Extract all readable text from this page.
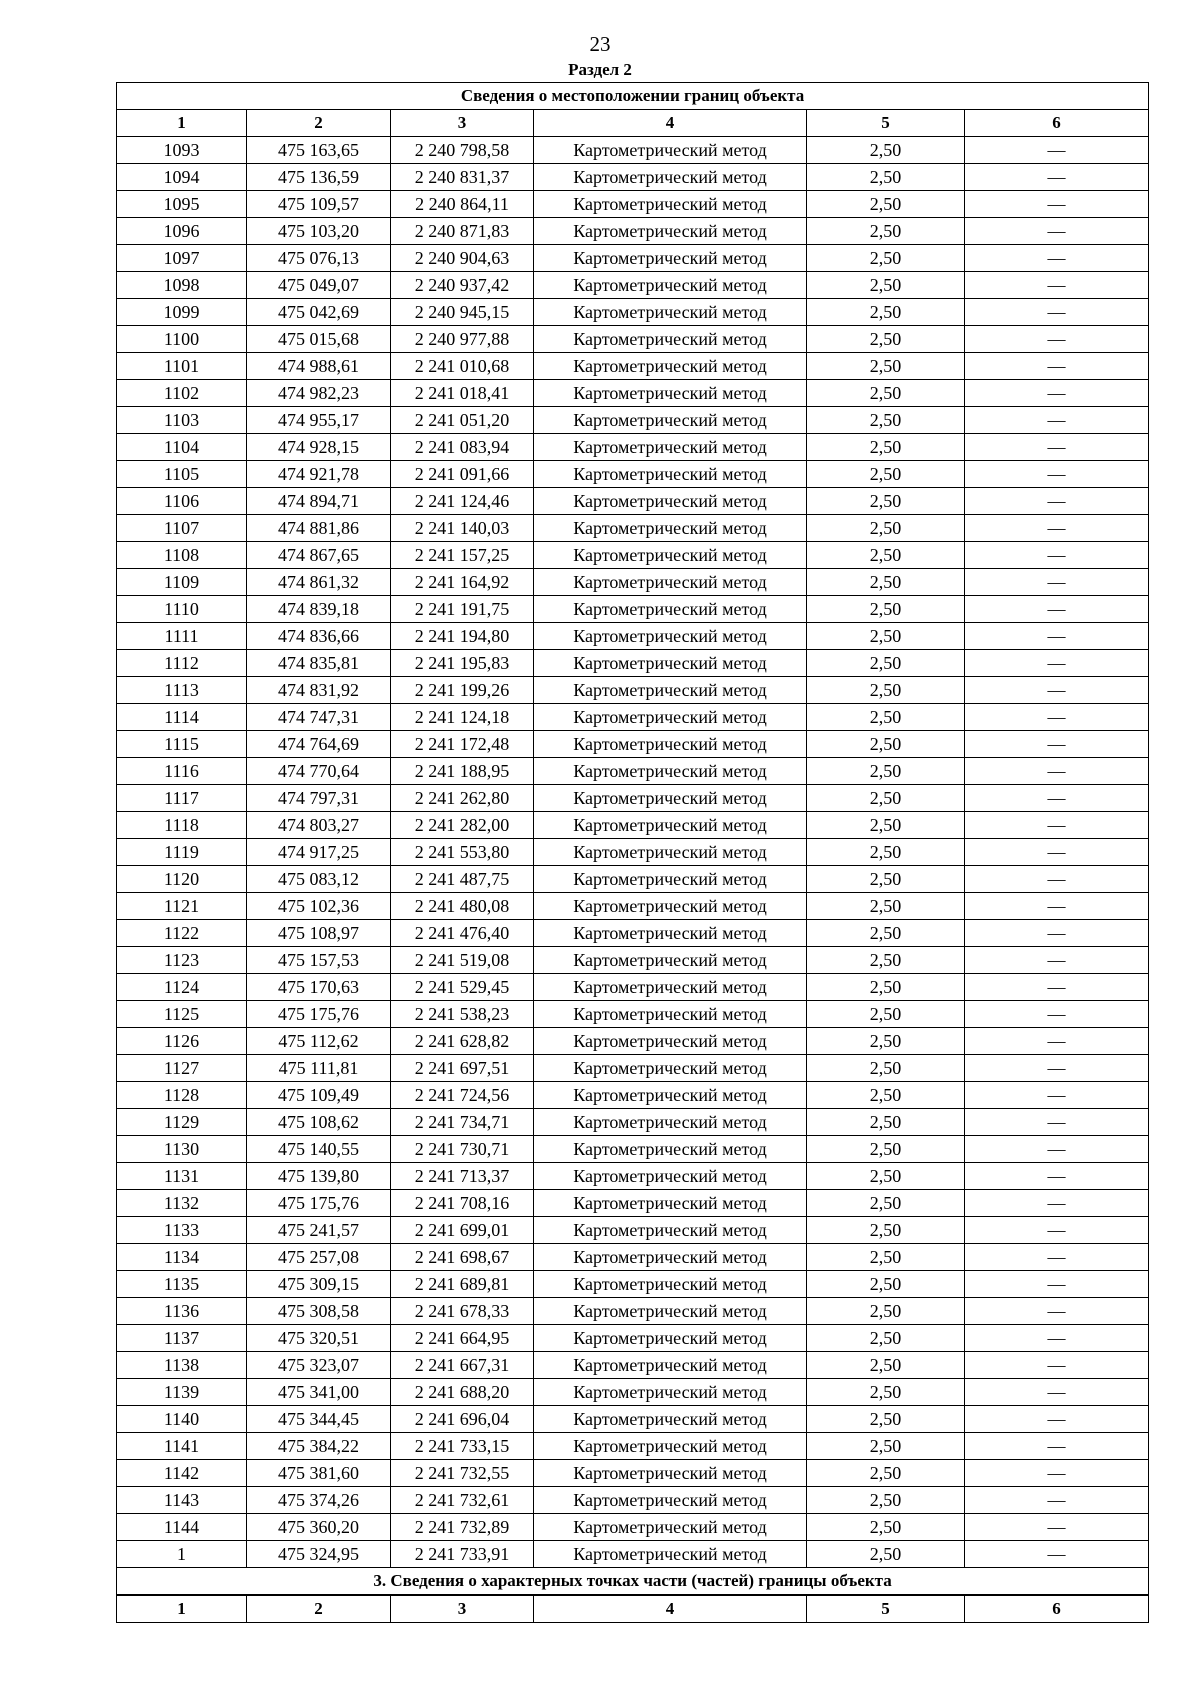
23
Раздел 2
Сведения о местоположении границ объекта					
1	2	3	4	5	6
1093	475 163,65	2 240 798,58	Картометрический метод	2,50	—
1094	475 136,59	2 240 831,37	Картометрический метод	2,50	—
1095	475 109,57	2 240 864,11	Картометрический метод	2,50	—
1096	475 103,20	2 240 871,83	Картометрический метод	2,50	—
1097	475 076,13	2 240 904,63	Картометрический метод	2,50	—
1098	475 049,07	2 240 937,42	Картометрический метод	2,50	—
1099	475 042,69	2 240 945,15	Картометрический метод	2,50	—
1100	475 015,68	2 240 977,88	Картометрический метод	2,50	—
1101	474 988,61	2 241 010,68	Картометрический метод	2,50	—
1102	474 982,23	2 241 018,41	Картометрический метод	2,50	—
1103	474 955,17	2 241 051,20	Картометрический метод	2,50	—
1104	474 928,15	2 241 083,94	Картометрический метод	2,50	—
1105	474 921,78	2 241 091,66	Картометрический метод	2,50	—
1106	474 894,71	2 241 124,46	Картометрический метод	2,50	—
1107	474 881,86	2 241 140,03	Картометрический метод	2,50	—
1108	474 867,65	2 241 157,25	Картометрический метод	2,50	—
1109	474 861,32	2 241 164,92	Картометрический метод	2,50	—
1110	474 839,18	2 241 191,75	Картометрический метод	2,50	—
1111	474 836,66	2 241 194,80	Картометрический метод	2,50	—
1112	474 835,81	2 241 195,83	Картометрический метод	2,50	—
1113	474 831,92	2 241 199,26	Картометрический метод	2,50	—
1114	474 747,31	2 241 124,18	Картометрический метод	2,50	—
1115	474 764,69	2 241 172,48	Картометрический метод	2,50	—
1116	474 770,64	2 241 188,95	Картометрический метод	2,50	—
1117	474 797,31	2 241 262,80	Картометрический метод	2,50	—
1118	474 803,27	2 241 282,00	Картометрический метод	2,50	—
1119	474 917,25	2 241 553,80	Картометрический метод	2,50	—
1120	475 083,12	2 241 487,75	Картометрический метод	2,50	—
1121	475 102,36	2 241 480,08	Картометрический метод	2,50	—
1122	475 108,97	2 241 476,40	Картометрический метод	2,50	—
1123	475 157,53	2 241 519,08	Картометрический метод	2,50	—
1124	475 170,63	2 241 529,45	Картометрический метод	2,50	—
1125	475 175,76	2 241 538,23	Картометрический метод	2,50	—
1126	475 112,62	2 241 628,82	Картометрический метод	2,50	—
1127	475 111,81	2 241 697,51	Картометрический метод	2,50	—
1128	475 109,49	2 241 724,56	Картометрический метод	2,50	—
1129	475 108,62	2 241 734,71	Картометрический метод	2,50	—
1130	475 140,55	2 241 730,71	Картометрический метод	2,50	—
1131	475 139,80	2 241 713,37	Картометрический метод	2,50	—
1132	475 175,76	2 241 708,16	Картометрический метод	2,50	—
1133	475 241,57	2 241 699,01	Картометрический метод	2,50	—
1134	475 257,08	2 241 698,67	Картометрический метод	2,50	—
1135	475 309,15	2 241 689,81	Картометрический метод	2,50	—
1136	475 308,58	2 241 678,33	Картометрический метод	2,50	—
1137	475 320,51	2 241 664,95	Картометрический метод	2,50	—
1138	475 323,07	2 241 667,31	Картометрический метод	2,50	—
1139	475 341,00	2 241 688,20	Картометрический метод	2,50	—
1140	475 344,45	2 241 696,04	Картометрический метод	2,50	—
1141	475 384,22	2 241 733,15	Картометрический метод	2,50	—
1142	475 381,60	2 241 732,55	Картометрический метод	2,50	—
1143	475 374,26	2 241 732,61	Картометрический метод	2,50	—
1144	475 360,20	2 241 732,89	Картометрический метод	2,50	—
1	475 324,95	2 241 733,91	Картометрический метод	2,50	—
3. Сведения о характерных точках части (частей) границы объекта					
1	2	3	4	5	6
